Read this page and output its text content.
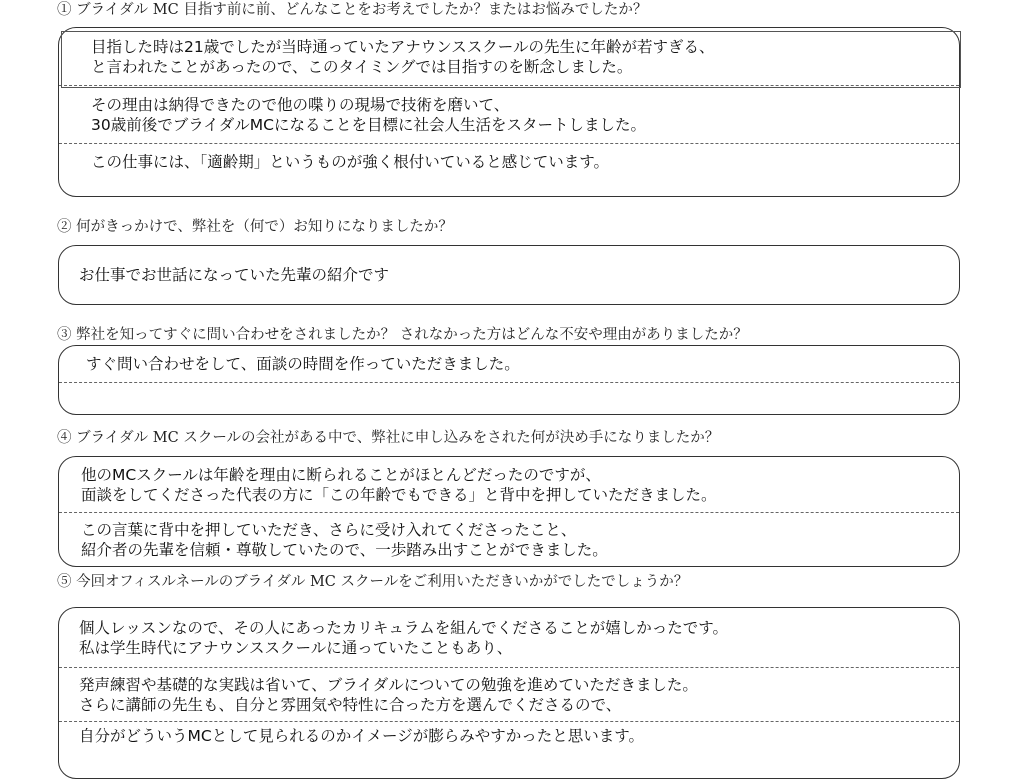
① ブライダル MC 目指す前に前、どんなことをお考えでしたか？またはお悩みでしたか？
目指した時は21歳でしたが当時通っていたアナウンススクールの先生に年齢が若すぎる、
と言われたことがあったので、このタイミングでは目指すのを断念しました。
その理由は納得できたので他の喋りの現場で技術を磨いて、
30歳前後でブライダルMCになることを目標に社会人生活をスタートしました。
この仕事には、「適齢期」というものが強く根付いていると感じています。
② 何がきっかけで、弊社を（何で）お知りになりましたか？
お仕事でお世話になっていた先輩の紹介です
③ 弊社を知ってすぐに問い合わせをされましたか？ されなかった方はどんな不安や理由がありましたか？
すぐ問い合わせをして、面談の時間を作っていただきました。
④ ブライダル MC スクールの会社がある中で、弊社に申し込みをされた何が決め手になりましたか？
他のMCスクールは年齢を理由に断られることがほとんどだったのですが、
面談をしてくださった代表の方に「この年齢でもできる」と背中を押していただきました。
この言葉に背中を押していただき、さらに受け入れてくださったこと、
紹介者の先輩を信頼・尊敬していたので、一歩踏み出すことができました。
⑤ 今回オフィスルネールのブライダル MC スクールをご利用いただきいかがでしたでしょうか？
個人レッスンなので、その人にあったカリキュラムを組んでくださることが嬉しかったです。
私は学生時代にアナウンススクールに通っていたこともあり、
発声練習や基礎的な実践は省いて、ブライダルについての勉強を進めていただきました。
さらに講師の先生も、自分と雰囲気や特性に合った方を選んでくださるので、
自分がどういうMCとして見られるのかイメージが膨らみやすかったと思います。
